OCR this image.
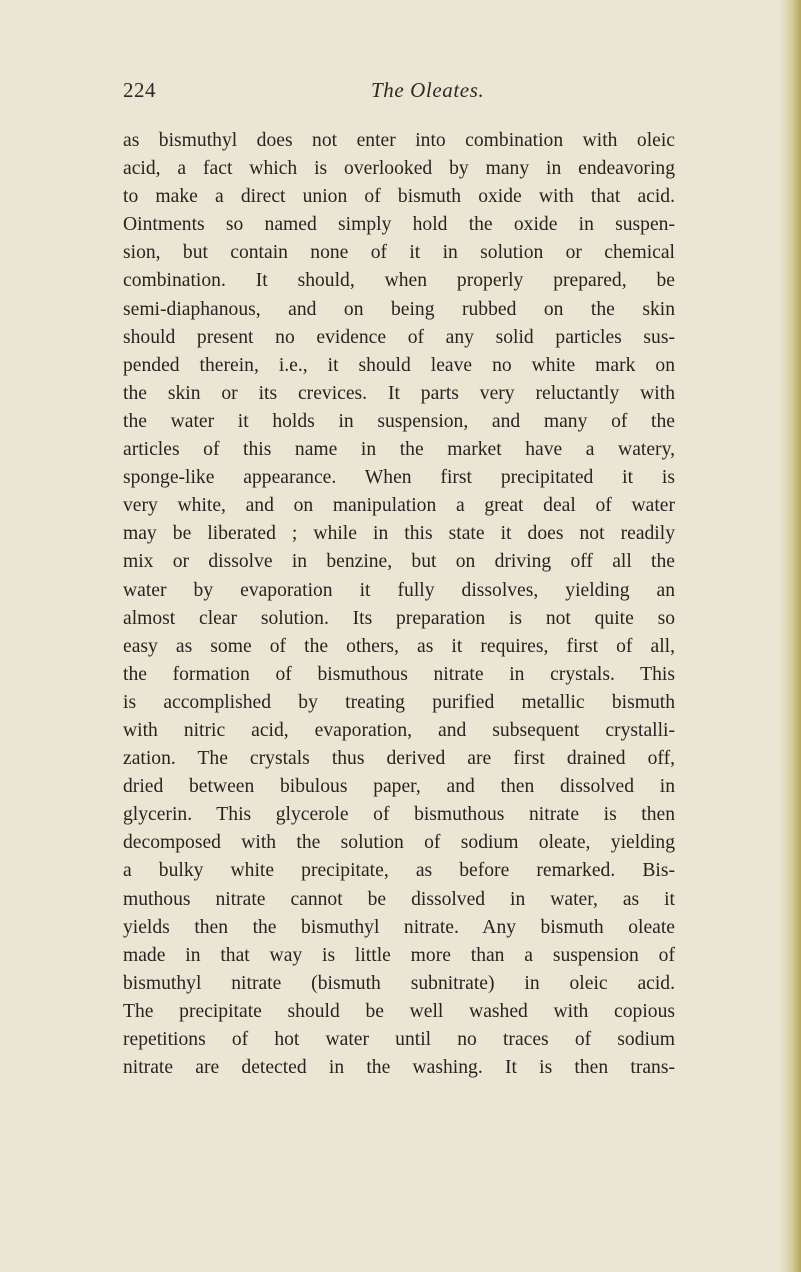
224	The Oleates.
as bismuthyl does not enter into combination with oleic
acid, a fact which is overlooked by many in endeavoring
to make a direct union of bismuth oxide with that acid.
Ointments so named simply hold the oxide in suspen-
sion, but contain none of it in solution or chemical
combination. It should, when properly prepared, be
semi-diaphanous, and on being rubbed on the skin
should present no evidence of any solid particles sus-
pended therein, i.e., it should leave no white mark on
the skin or its crevices. It parts very reluctantly with
the water it holds in suspension, and many of the
articles of this name in the market have a watery,
sponge-like appearance. When first precipitated it is
very white, and on manipulation a great deal of water
may be liberated ; while in this state it does not readily
mix or dissolve in benzine, but on driving off all the
water by evaporation it fully dissolves, yielding an
almost clear solution. Its preparation is not quite so
easy as some of the others, as it requires, first of all,
the formation of bismuthous nitrate in crystals. This
is accomplished by treating purified metallic bismuth
with nitric acid, evaporation, and subsequent crystalli-
zation. The crystals thus derived are first drained off,
dried between bibulous paper, and then dissolved in
glycerin. This glycerole of bismuthous nitrate is then
decomposed with the solution of sodium oleate, yielding
a bulky white precipitate, as before remarked. Bis-
muthous nitrate cannot be dissolved in water, as it
yields then the bismuthyl nitrate. Any bismuth oleate
made in that way is little more than a suspension of
bismuthyl nitrate (bismuth subnitrate) in oleic acid.
The precipitate should be well washed with copious
repetitions of hot water until no traces of sodium
nitrate are detected in the washing. It is then trans-
